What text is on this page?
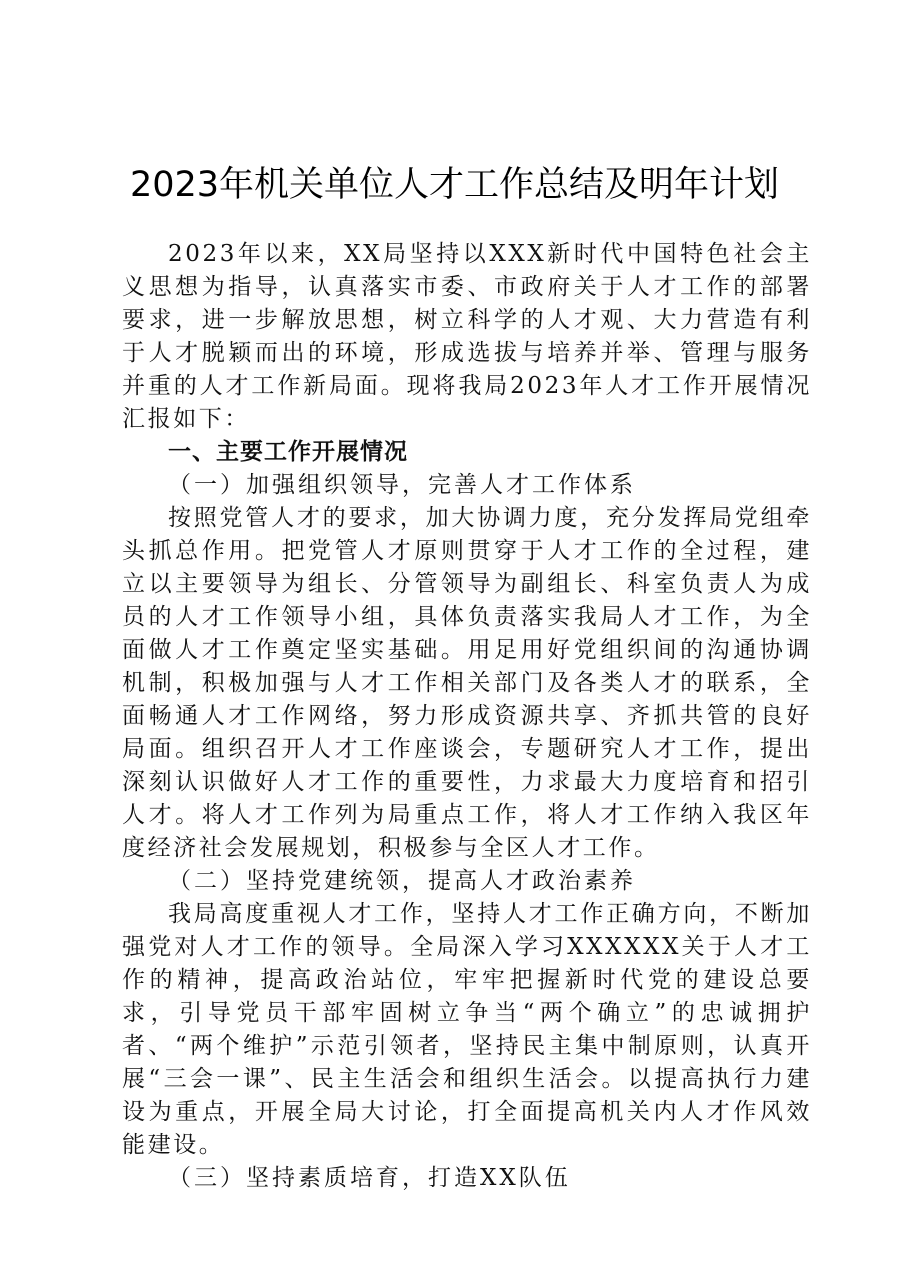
2023年机关单位人才工作总结及明年计划

2023年以来，XX局坚持以XXX新时代中国特色社会主义思想为指导，认真落实市委、市政府关于人才工作的部署要求，进一步解放思想，树立科学的人才观、大力营造有利于人才脱颖而出的环境，形成选拔与培养并举、管理与服务并重的人才工作新局面。现将我局2023年人才工作开展情况汇报如下：

一、主要工作开展情况

（一）加强组织领导，完善人才工作体系

按照党管人才的要求，加大协调力度，充分发挥局党组牵头抓总作用。把党管人才原则贯穿于人才工作的全过程，建立以主要领导为组长、分管领导为副组长、科室负责人为成员的人才工作领导小组，具体负责落实我局人才工作，为全面做人才工作奠定坚实基础。用足用好党组织间的沟通协调机制，积极加强与人才工作相关部门及各类人才的联系，全面畅通人才工作网络，努力形成资源共享、齐抓共管的良好局面。组织召开人才工作座谈会，专题研究人才工作，提出深刻认识做好人才工作的重要性，力求最大力度培育和招引人才。将人才工作列为局重点工作，将人才工作纳入我区年度经济社会发展规划，积极参与全区人才工作。

（二）坚持党建统领，提高人才政治素养

我局高度重视人才工作，坚持人才工作正确方向，不断加强党对人才工作的领导。全局深入学习XXXXXX关于人才工作的精神，提高政治站位，牢牢把握新时代党的建设总要求，引导党员干部牢固树立争当“两个确立”的忠诚拥护者、“两个维护”示范引领者，坚持民主集中制原则，认真开展“三会一课”、民主生活会和组织生活会。以提高执行力建设为重点，开展全局大讨论，打全面提高机关内人才作风效能建设。

（三）坚持素质培育，打造XX队伍
